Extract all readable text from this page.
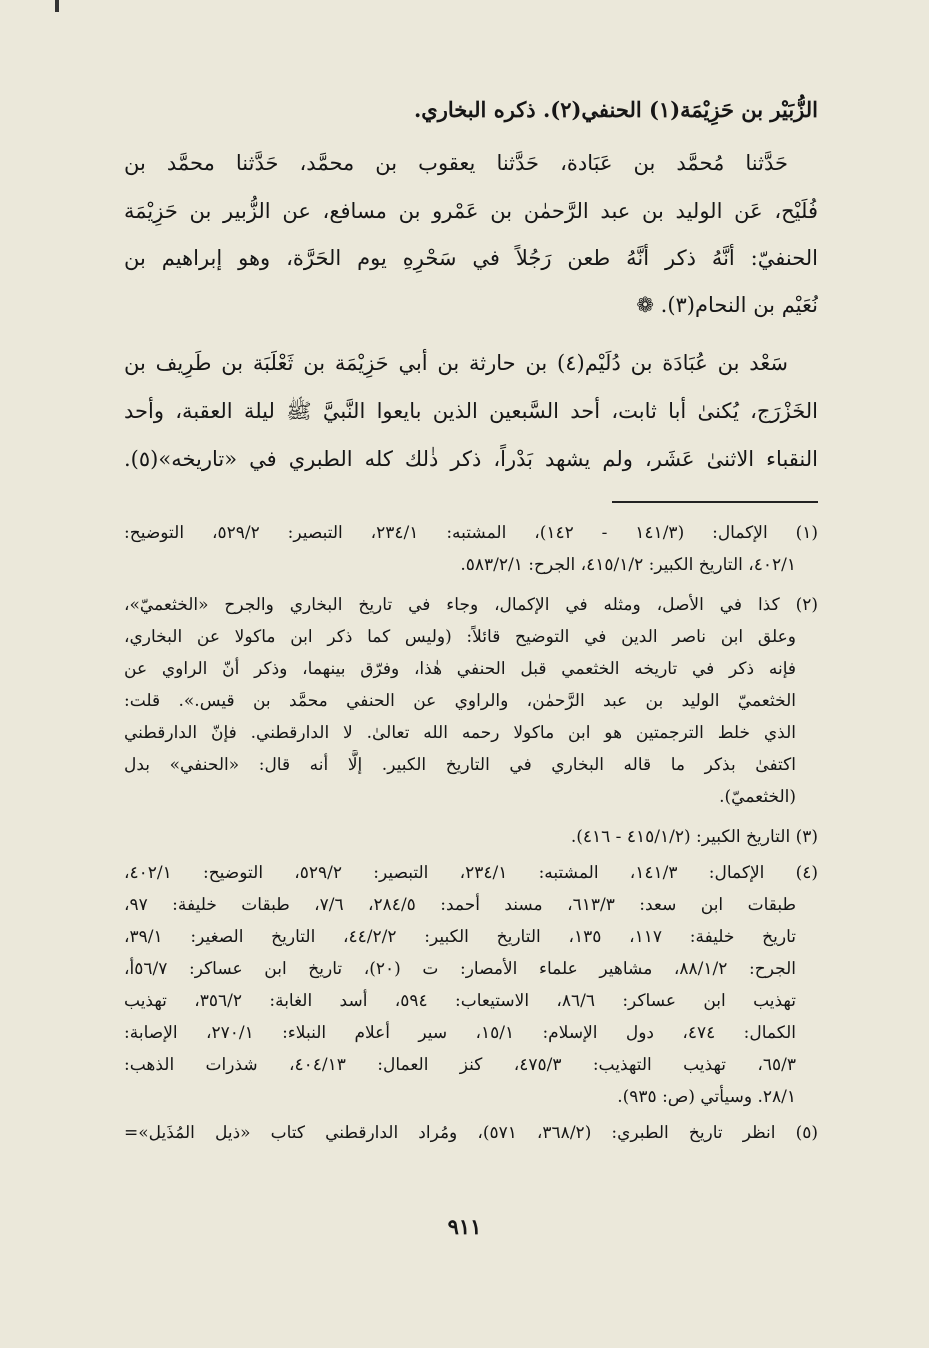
الزُّبَيْر بن حَزِيْمَة(١) الحنفي(٢). ذكره البخاري.
حَدَّثنا مُحمَّد بن عَبَادة، حَدَّثنا يعقوب بن محمَّد، حَدَّثنا محمَّد بن
فُلَيْح، عَن الوليد بن عبد الرَّحمٰن بن عَمْرو بن مسافع، عن الزُّبير بن حَزِيْمَة
الحنفيّ: أنَّهُ ذكر أنَّهُ طعن رَجُلاً في سَحْرِهِ يوم الحَرَّة، وهو إبراهيم بن
نُعَيْم بن النحام(٣). ❁
سَعْد بن عُبَادَة بن دُلَيْم(٤) بن حارثة بن أبي حَزِيْمَة بن ثَعْلَبَة بن طَرِيف بن
الخَزْرَج، يُكنىٰ أبا ثابت، أحد السَّبعين الذين بايعوا النَّبيَّ ﷺ ليلة العقبة، وأحد
النقباء الاثنىٰ عَشَر، ولم يشهد بَدْراً، ذكر ذٰلك كله الطبري في «تاريخه»(٥).
(١) الإكمال: (١٤١/٣ - ١٤٢)، المشتبه: ٢٣٤/١، التبصير: ٥٢٩/٢، التوضيح:
٤٠٢/١، التاريخ الكبير: ٤١٥/١/٢، الجرح: ٥٨٣/٢/١.
(٢) كذا في الأصل، ومثله في الإكمال، وجاء في تاريخ البخاري والجرح «الخثعميّ»،
وعلق ابن ناصر الدين في التوضيح قائلاً: (وليس كما ذكر ابن ماكولا عن البخاري،
فإنه ذكر في تاريخه الخثعمي قبل الحنفي هٰذا، وفرّق بينهما، وذكر أنّ الراوي عن
الخثعميّ الوليد بن عبد الرَّحمٰن، والراوي عن الحنفي محمَّد بن قيس.». قلت:
الذي خلط الترجمتين هو ابن ماكولا رحمه الله تعالىٰ. لا الدارقطني. فإنّ الدارقطني
اكتفىٰ بذكر ما قاله البخاري في التاريخ الكبير. إلَّا أنه قال: «الحنفي» بدل
(الخثعميّ).
(٣) التاريخ الكبير: (٤١٥/١/٢ - ٤١٦).
(٤) الإكمال: ١٤١/٣، المشتبه: ٢٣٤/١، التبصير: ٥٢٩/٢، التوضيح: ٤٠٢/١،
طبقات ابن سعد: ٦١٣/٣، مسند أحمد: ٢٨٤/٥، ٧/٦، طبقات خليفة: ٩٧،
تاريخ خليفة: ١١٧، ١٣٥، التاريخ الكبير: ٤٤/٢/٢، التاريخ الصغير: ٣٩/١،
الجرح: ٨٨/١/٢، مشاهير علماء الأمصار: ت (٢٠)، تاريخ ابن عساكر: ٥٦/٧أ،
تهذيب ابن عساكر: ٨٦/٦، الاستيعاب: ٥٩٤، أسد الغابة: ٣٥٦/٢، تهذيب
الكمال: ٤٧٤، دول الإسلام: ١٥/١، سير أعلام النبلاء: ٢٧٠/١، الإصابة:
٦٥/٣، تهذيب التهذيب: ٤٧٥/٣، كنز العمال: ٤٠٤/١٣، شذرات الذهب:
٢٨/١. وسيأتي (ص: ٩٣٥).
(٥) انظر تاريخ الطبري: (٣٦٨/٢، ٥٧١)، ومُراد الدارقطني كتاب «ذيل المُذَيل»=
٩١١
